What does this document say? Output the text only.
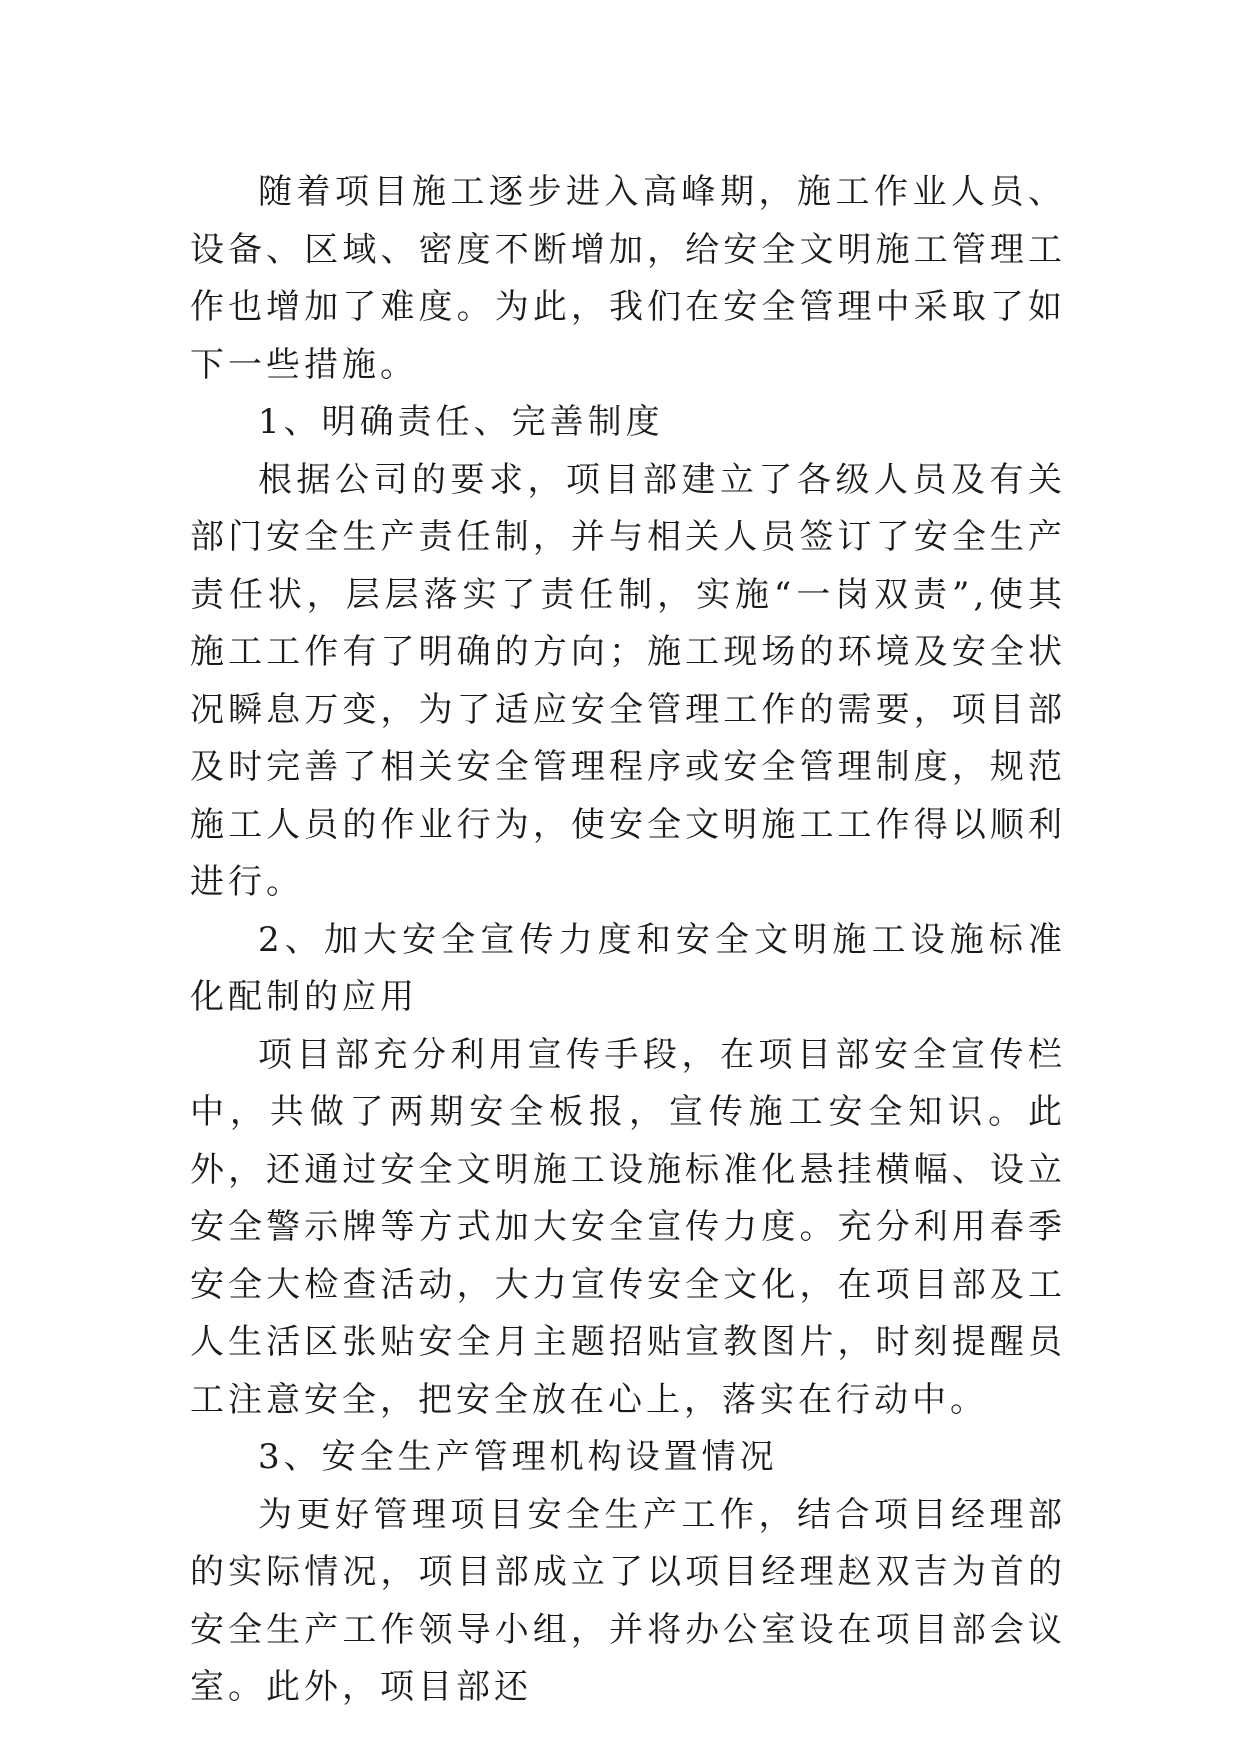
随着项目施工逐步进入高峰期，施工作业人员、设备、区域、密度不断增加，给安全文明施工管理工作也增加了难度。为此，我们在安全管理中采取了如下一些措施。

1、明确责任、完善制度

根据公司的要求，项目部建立了各级人员及有关部门安全生产责任制，并与相关人员签订了安全生产责任状，层层落实了责任制，实施“一岗双责”,使其施工工作有了明确的方向；施工现场的环境及安全状况瞬息万变，为了适应安全管理工作的需要，项目部及时完善了相关安全管理程序或安全管理制度，规范施工人员的作业行为，使安全文明施工工作得以顺利进行。

2、加大安全宣传力度和安全文明施工设施标准化配制的应用

项目部充分利用宣传手段，在项目部安全宣传栏中，共做了两期安全板报，宣传施工安全知识。此外，还通过安全文明施工设施标准化悬挂横幅、设立安全警示牌等方式加大安全宣传力度。充分利用春季安全大检查活动，大力宣传安全文化，在项目部及工人生活区张贴安全月主题招贴宣教图片，时刻提醒员工注意安全，把安全放在心上，落实在行动中。

3、安全生产管理机构设置情况

为更好管理项目安全生产工作，结合项目经理部的实际情况，项目部成立了以项目经理赵双吉为首的安全生产工作领导小组，并将办公室设在项目部会议室。此外，项目部还
